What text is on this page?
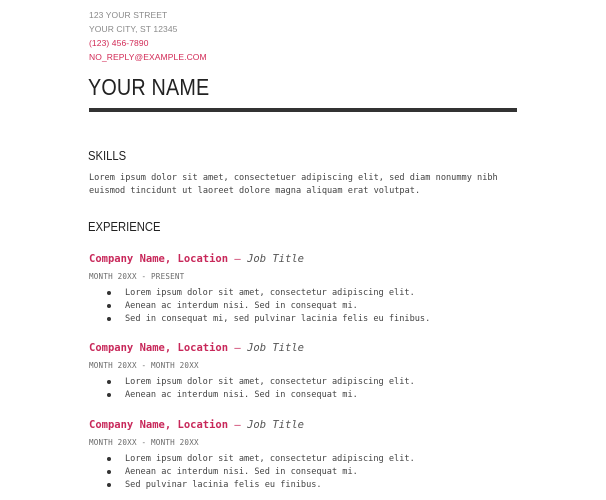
123 YOUR STREET
YOUR CITY, ST 12345
(123) 456-7890
NO_REPLY@EXAMPLE.COM
YOUR NAME
SKILLS
Lorem ipsum dolor sit amet, consectetuer adipiscing elit, sed diam nonummy nibh
euismod tincidunt ut laoreet dolore magna aliquam erat volutpat.
EXPERIENCE
Company Name, Location — Job Title
MONTH 20XX - PRESENT
Lorem ipsum dolor sit amet, consectetur adipiscing elit.
Aenean ac interdum nisi. Sed in consequat mi.
Sed in consequat mi, sed pulvinar lacinia felis eu finibus.
Company Name, Location — Job Title
MONTH 20XX - MONTH 20XX
Lorem ipsum dolor sit amet, consectetur adipiscing elit.
Aenean ac interdum nisi. Sed in consequat mi.
Company Name, Location — Job Title
MONTH 20XX - MONTH 20XX
Lorem ipsum dolor sit amet, consectetur adipiscing elit.
Aenean ac interdum nisi. Sed in consequat mi.
Sed pulvinar lacinia felis eu finibus.
